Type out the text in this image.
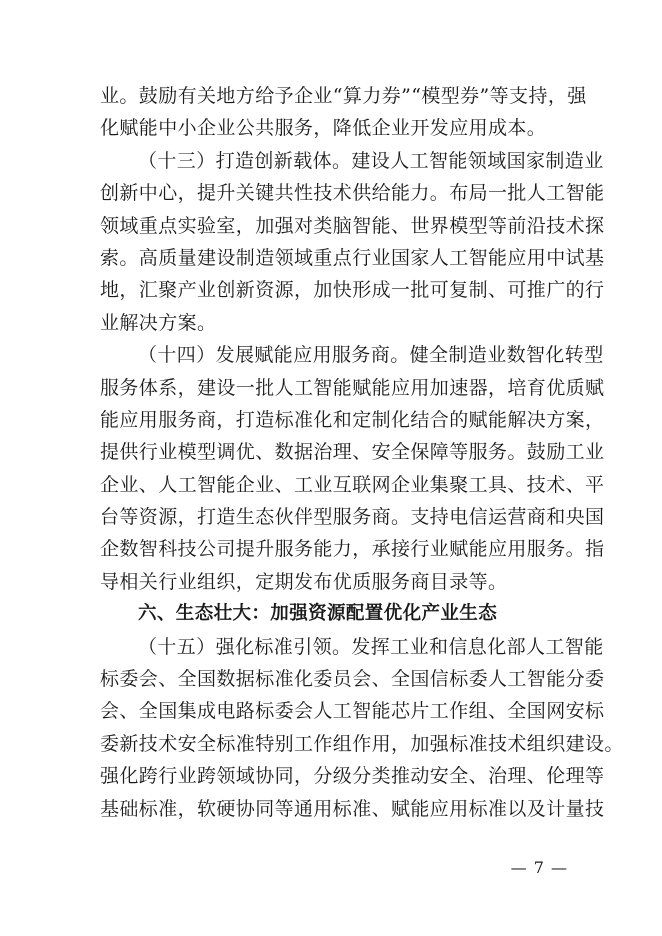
业。鼓励有关地方给予企业“算力券”“模型券”等支持，强
化赋能中小企业公共服务，降低企业开发应用成本。
（十三）打造创新载体。建设人工智能领域国家制造业
创新中心，提升关键共性技术供给能力。布局一批人工智能
领域重点实验室，加强对类脑智能、世界模型等前沿技术探
索。高质量建设制造领域重点行业国家人工智能应用中试基
地，汇聚产业创新资源，加快形成一批可复制、可推广的行
业解决方案。
（十四）发展赋能应用服务商。健全制造业数智化转型
服务体系，建设一批人工智能赋能应用加速器，培育优质赋
能应用服务商，打造标准化和定制化结合的赋能解决方案，
提供行业模型调优、数据治理、安全保障等服务。鼓励工业
企业、人工智能企业、工业互联网企业集聚工具、技术、平
台等资源，打造生态伙伴型服务商。支持电信运营商和央国
企数智科技公司提升服务能力，承接行业赋能应用服务。指
导相关行业组织，定期发布优质服务商目录等。
六、生态壮大：加强资源配置优化产业生态
（十五）强化标准引领。发挥工业和信息化部人工智能
标委会、全国数据标准化委员会、全国信标委人工智能分委
会、全国集成电路标委会人工智能芯片工作组、全国网安标
委新技术安全标准特别工作组作用，加强标准技术组织建设。
强化跨行业跨领域协同，分级分类推动安全、治理、伦理等
基础标准，软硬协同等通用标准、赋能应用标准以及计量技
— 7 —
